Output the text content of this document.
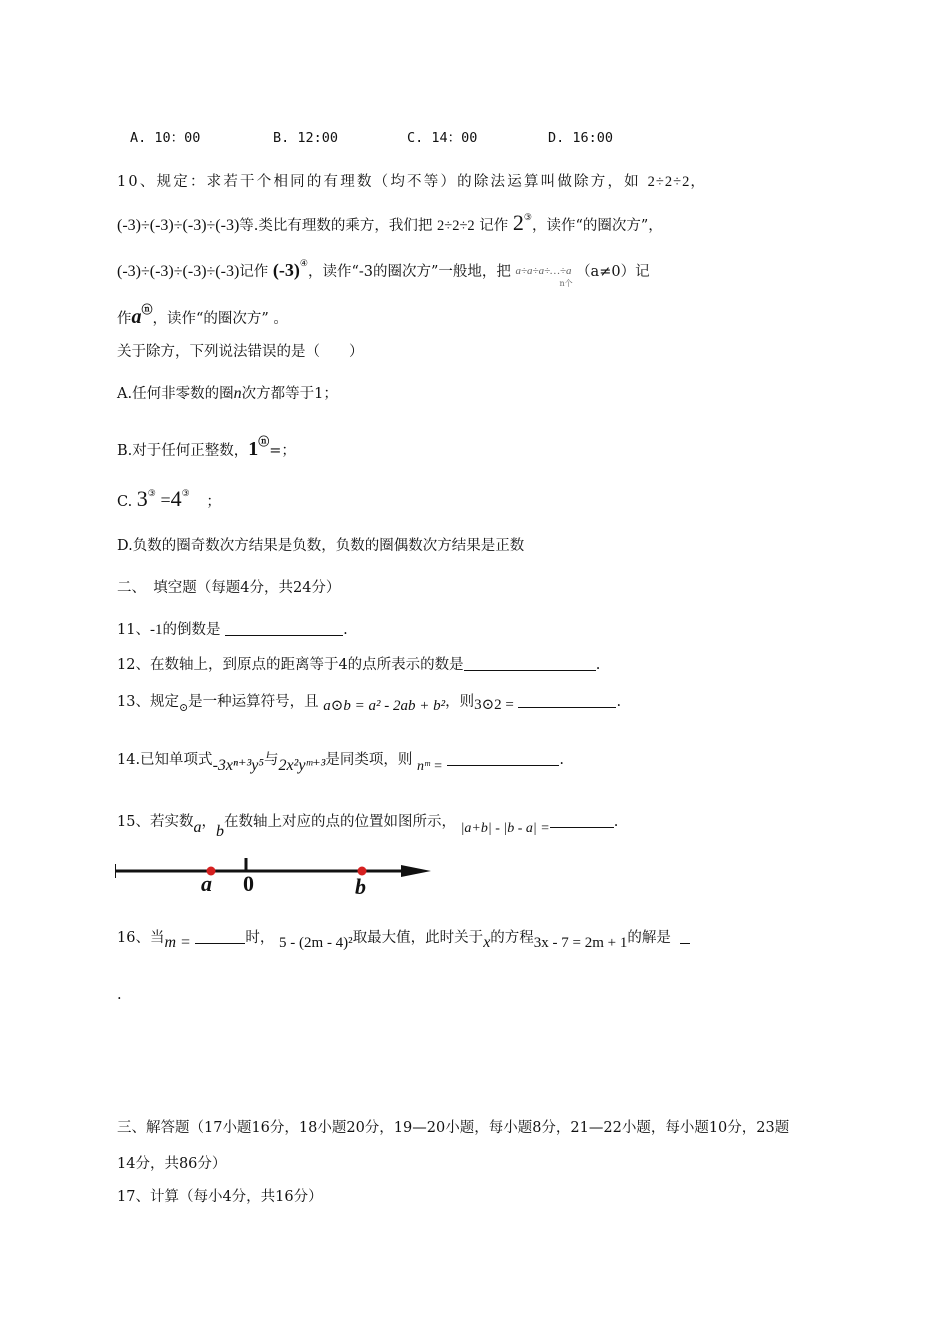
A. 10：00	B. 12:00	C. 14：00	D. 16:00
10、规定：求若干个相同的有理数（均不等）的除法运算叫做除方，如 2÷2÷2，
(-3)÷(-3)÷(-3)÷(-3)等.类比有理数的乘方，我们把 2÷2÷2 记作 2③，读作“的圈次方”，
(-3)÷(-3)÷(-3)÷(-3)记作 (-3)④，读作“-3的圈次方”一般地，把 a÷a÷a÷…÷a
n个
（a≠0）记
作aⓝ，读作“的圈次方” 。
关于除方，下列说法错误的是（　　）
A.任何非零数的圈n次方都等于1；
B.对于任何正整数，1ⓝ=；
C. 3③ =4③ ；
D.负数的圈奇数次方结果是负数，负数的圈偶数次方结果是正数
二、　填空题（每题4分，共24分）
11、-1的倒数是	.
12、在数轴上，到原点的距离等于4的点所表示的数是	.
13、规定$_⊙$是一种运算符号，且 a⊙b = a² - 2ab + b²，则3⊙2 =	.
14.已知单项式-3xⁿ⁺³y⁵与2x²yᵐ⁺³是同类项，则 nᵐ =	.
15、若实数a，b在数轴上对应的点的位置如图所示， |a+b| - |b - a| =	.
a 0	b
16、当m =	时， 5 - (2m - 4)²取最大值，此时关于x的方程3x - 7 = 2m + 1的解是
.
三、解答题（17小题16分，18小题20分，19—20小题，每小题8分，21—22小题，每小题10分，23题
14分，共86分）
17、计算（每小4分，共16分）
